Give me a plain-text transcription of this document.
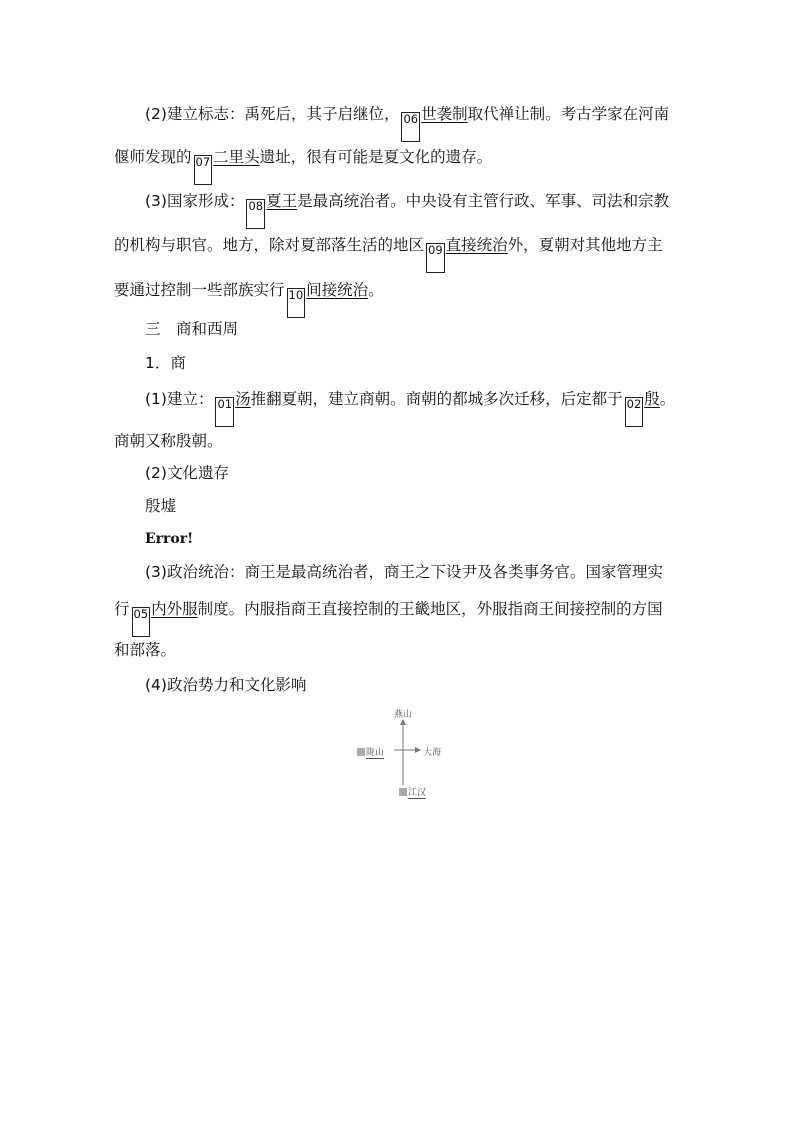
(2)建立标志：禹死后，其子启继位， 06 世袭制取代禅让制。考古学家在河南
偃师发现的 07 二里头遗址，很有可能是夏文化的遗存。
(3)国家形成： 08 夏王是最高统治者。中央设有主管行政、军事、司法和宗教
的机构与职官。地方，除对夏部落生活的地区 09 直接统治外，夏朝对其他地方主
要通过控制一些部族实行 10 间接统治。
三　商和西周
1．商
(1)建立： 01 汤推翻夏朝，建立商朝。商朝的都城多次迁移，后定都于 02 殷。
商朝又称殷朝。
(2)文化遗存
殷墟
Error!
(3)政治统治：商王是最高统治者，商王之下设尹及各类事务官。国家管理实
行 05 内外服制度。内服指商王直接控制的王畿地区，外服指商王间接控制的方国
和部落。
(4)政治势力和文化影响
燕山
陇山	大海
江汉
